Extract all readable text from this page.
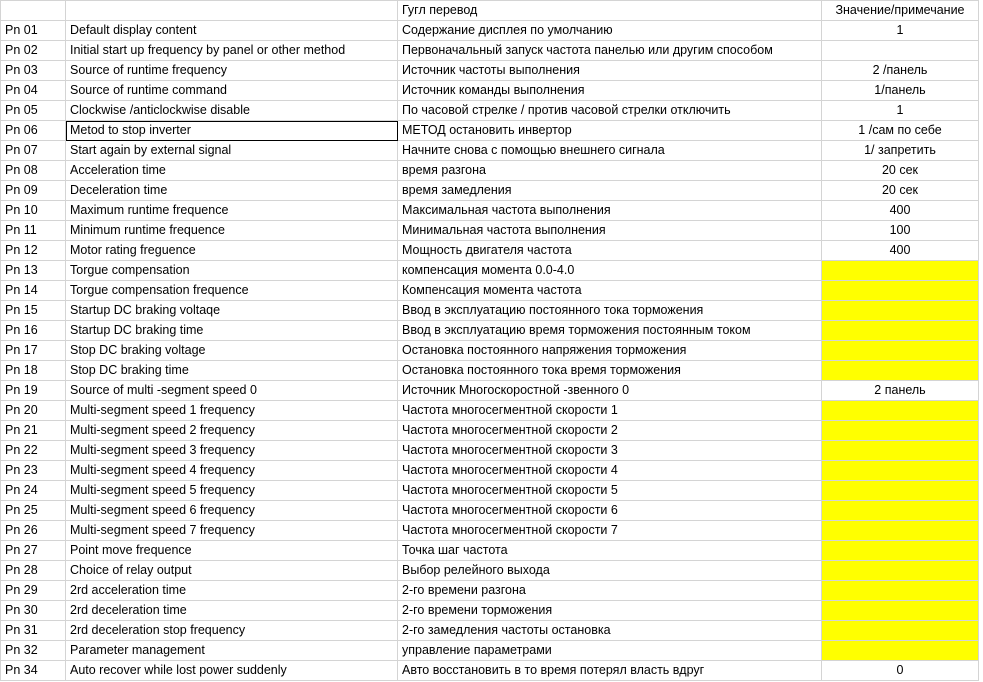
		Гугл перевод	Значение/примечание
Pn 01	Default display content	Содержание дисплея по умолчанию	1
Pn 02	Initial start up frequency by panel or other method	Первоначальный запуск частота панелью или другим способом	
Pn 03	Source of runtime frequency	Источник частоты выполнения	2 /панель
Pn 04	Source of runtime command	Источник команды выполнения	1/панель
Pn 05	Clockwise /anticlockwise disable	По часовой стрелке / против часовой стрелки отключить	1
Pn 06	Metod to stop inverter	МЕТОД остановить инвертор	1 /сам по себе
Pn 07	Start again by external signal	Начните снова с помощью внешнего сигнала	1/ запретить
Pn 08	Acceleration time	время разгона	20 сек
Pn 09	Deceleration time	время замедления	20 сек
Pn 10	Maximum runtime frequence	Максимальная частота выполнения	400
Pn 11	Minimum runtime frequence	Минимальная частота выполнения	100
Pn 12	Motor rating freguence	Мощность двигателя частота	400
Pn 13	Torgue compensation	компенсация момента 0.0-4.0	
Pn 14	Torgue compensation frequence	Компенсация момента частота	
Pn 15	Startup DC braking voltaqe	Ввод в эксплуатацию постоянного тока торможения	
Pn 16	Startup DC braking time	Ввод в эксплуатацию время торможения постоянным током	
Pn 17	Stop DC braking voltage	Остановка постоянного напряжения торможения	
Pn 18	Stop DC braking time	Остановка постоянного тока время торможения	
Pn 19	Source of multi -segment speed 0	Источник Многоскоростной -звенного 0	2 панель
Pn 20	Multi-segment speed 1 frequency	Частота многосегментной скорости 1	
Pn 21	Multi-segment speed 2 frequency	Частота многосегментной скорости 2	
Pn 22	Multi-segment speed 3 frequency	Частота многосегментной скорости 3	
Pn 23	Multi-segment speed 4 frequency	Частота многосегментной скорости 4	
Pn 24	Multi-segment speed 5 frequency	Частота многосегментной скорости 5	
Pn 25	Multi-segment speed 6 frequency	Частота многосегментной скорости 6	
Pn 26	Multi-segment speed 7 frequency	Частота многосегментной скорости 7	
Pn 27	Point move frequence	Точка шаг частота	
Pn 28	Choice of relay output	Выбор релейного выхода	
Pn 29	2rd acceleration time	2-го времени разгона	
Pn 30	2rd deceleration time	2-го времени торможения	
Pn 31	2rd deceleration stop frequency	2-го замедления частоты остановка	
Pn 32	Parameter management	управление параметрами	
Pn 34	Auto recover while lost power suddenly	Авто восстановить в то время потерял власть вдруг	0
